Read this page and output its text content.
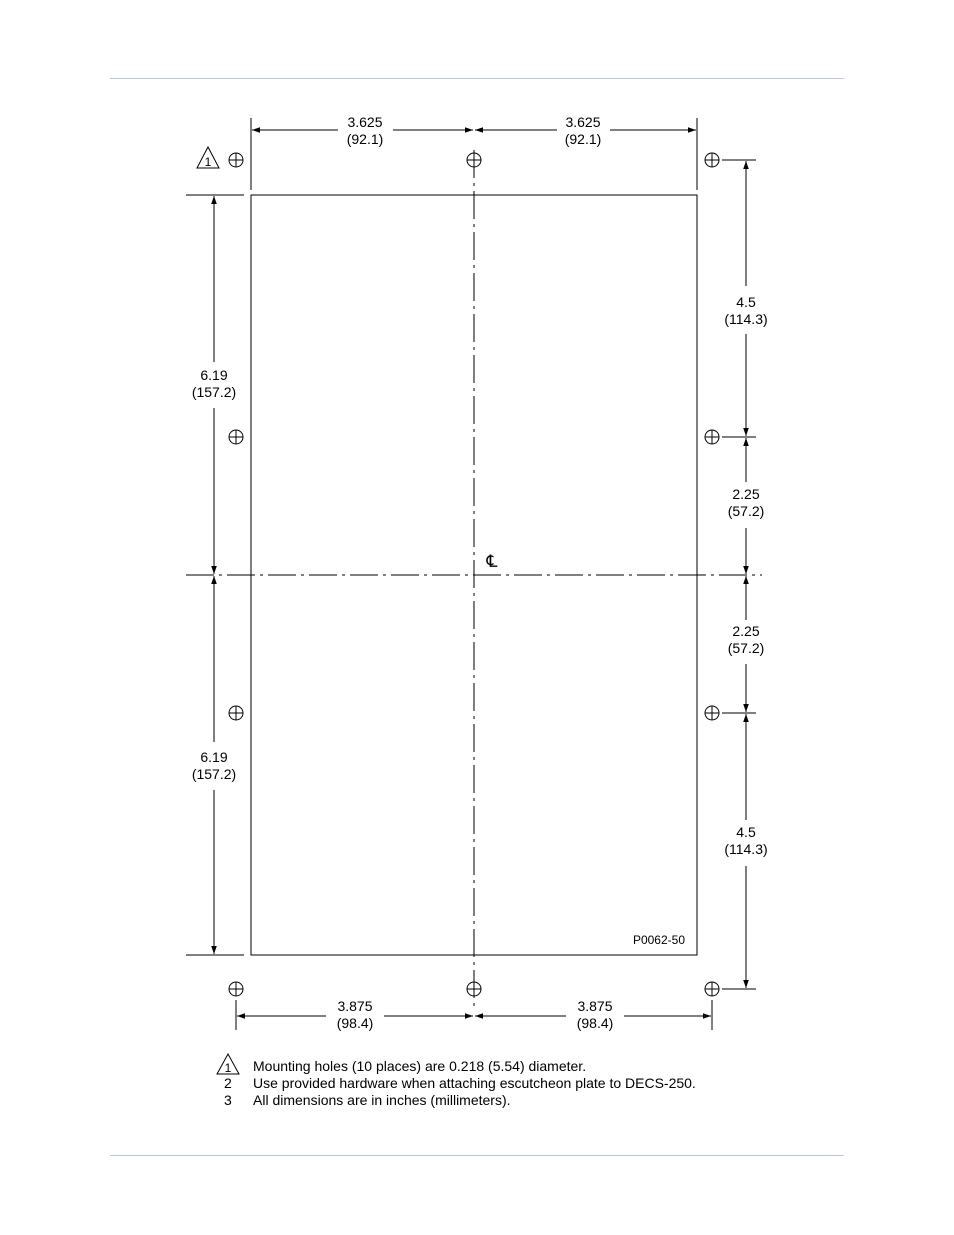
1
℄
3.625
(92.1)
3.625
(92.1)
6.19
(157.2)
6.19
(157.2)
4.5
(114.3)
2.25
(57.2)
2.25
(57.2)
4.5
(114.3)
3.875
(98.4)
3.875
(98.4)
P0062-50
1 Mounting holes (10 places) are 0.218 (5.54) diameter.
2 Use provided hardware when attaching escutcheon plate to DECS-250.
3 All dimensions are in inches (millimeters).
